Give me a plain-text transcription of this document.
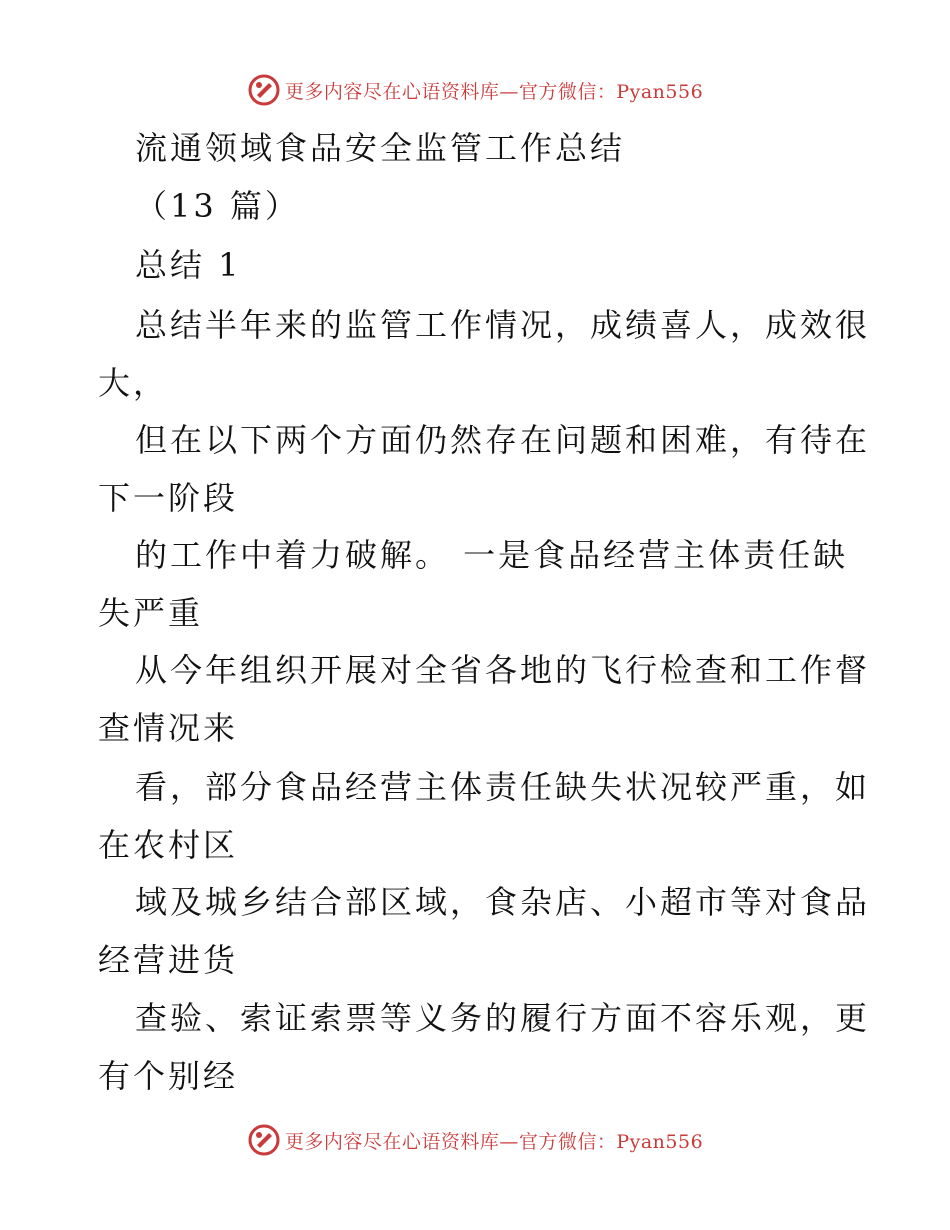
更多内容尽在心语资料库—官方微信：Pyan556
流通领域食品安全监管工作总结
（13 篇）
总结 1
总结半年来的监管工作情况，成绩喜人，成效很
大，
但在以下两个方面仍然存在问题和困难，有待在
下一阶段
的工作中着力破解。 一是食品经营主体责任缺
失严重
从今年组织开展对全省各地的飞行检查和工作督
查情况来
看，部分食品经营主体责任缺失状况较严重，如
在农村区
域及城乡结合部区域，食杂店、小超市等对食品
经营进货
查验、索证索票等义务的履行方面不容乐观，更
有个别经
更多内容尽在心语资料库—官方微信：Pyan556
